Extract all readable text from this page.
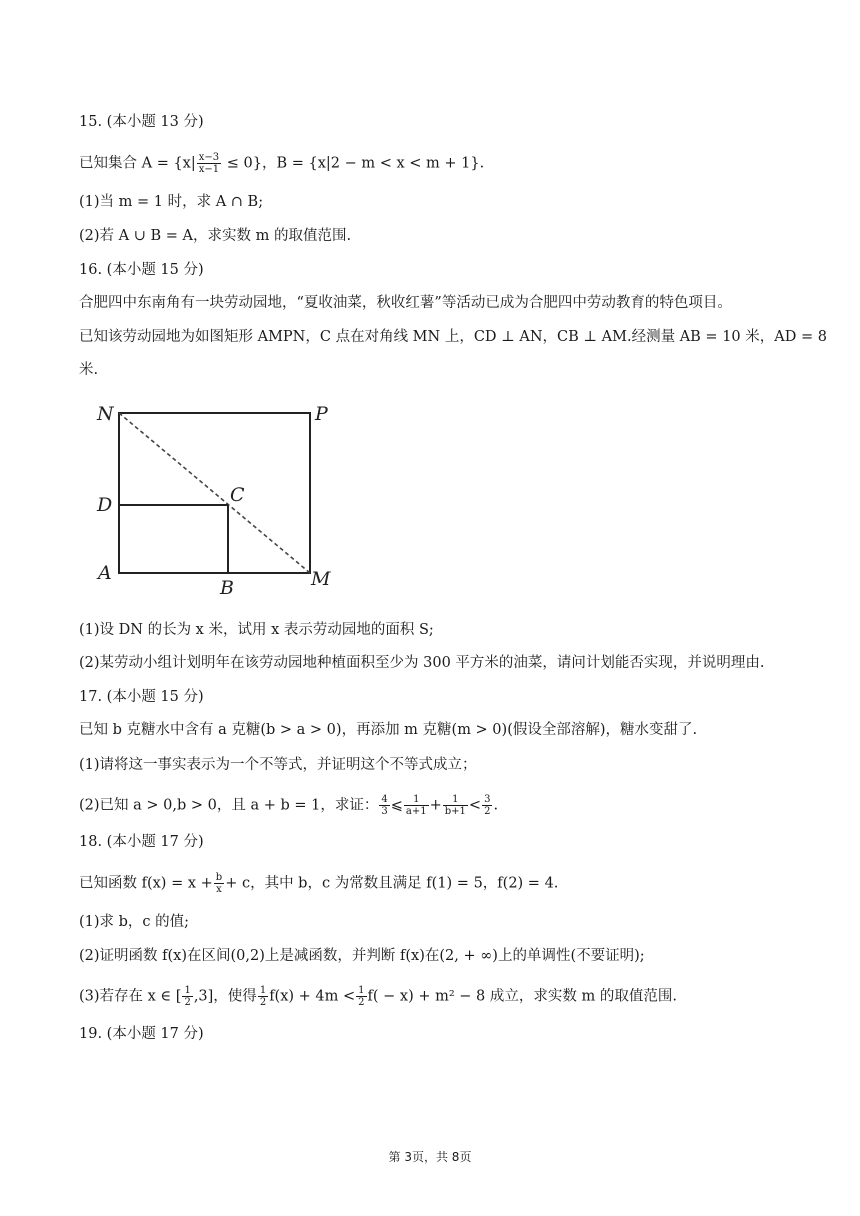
15. (本小题 13 分)
已知集合 $A = \{x| \frac{x-3}{x-1} \le 0\}$，B = {x|2 − m < x < m + 1}.
(1)当 m = 1 时，求 A ∩ B;
(2)若 A ∪ B = A，求实数 m 的取值范围.
16. (本小题 15 分)
合肥四中东南角有一块劳动园地，“夏收油菜，秋收红薯”等活动已成为合肥四中劳动教育的特色项目。
已知该劳动园地为如图矩形 AMPN，C 点在对角线 MN 上，CD ⊥ AN，CB ⊥ AM.经测量 AB = 10 米，AD = 8
米.
N	P
D	C
A
B	M
(1)设 DN 的长为 x 米，试用 x 表示劳动园地的面积 S;
(2)某劳动小组计划明年在该劳动园地种植面积至少为 300 平方米的油菜，请问计划能否实现，并说明理由.
17. (本小题 15 分)
已知 b 克糖水中含有 a 克糖(b > a > 0)，再添加 m 克糖(m > 0)(假设全部溶解)，糖水变甜了.
(1)请将这一事实表示为一个不等式，并证明这个不等式成立；
(2)已知 a > 0,b > 0，且 a + b = 1，求证： $\frac{4}{3}$ ⩽ $\frac{1}{a+1} + \frac{1}{b+1} < \frac{3}{2}$ .
18. (本小题 17 分)
已知函数 $f(x) = x + \frac{b}{x} + c$，其中 b，c 为常数且满足 f(1) = 5，f(2) = 4.
(1)求 b，c 的值;
(2)证明函数 f(x)在区间(0,2)上是减函数，并判断 f(x)在(2, + ∞)上的单调性(不要证明);
(3)若存在 x ∈ [ $\frac{1}{2} ,3$]，使得 $\frac{1}{2} f(x) + 4m < \frac{1}{2} f( - x) + m^2 - 8$ 成立，求实数 m 的取值范围.
19. (本小题 17 分)
第 3页，共 8页
